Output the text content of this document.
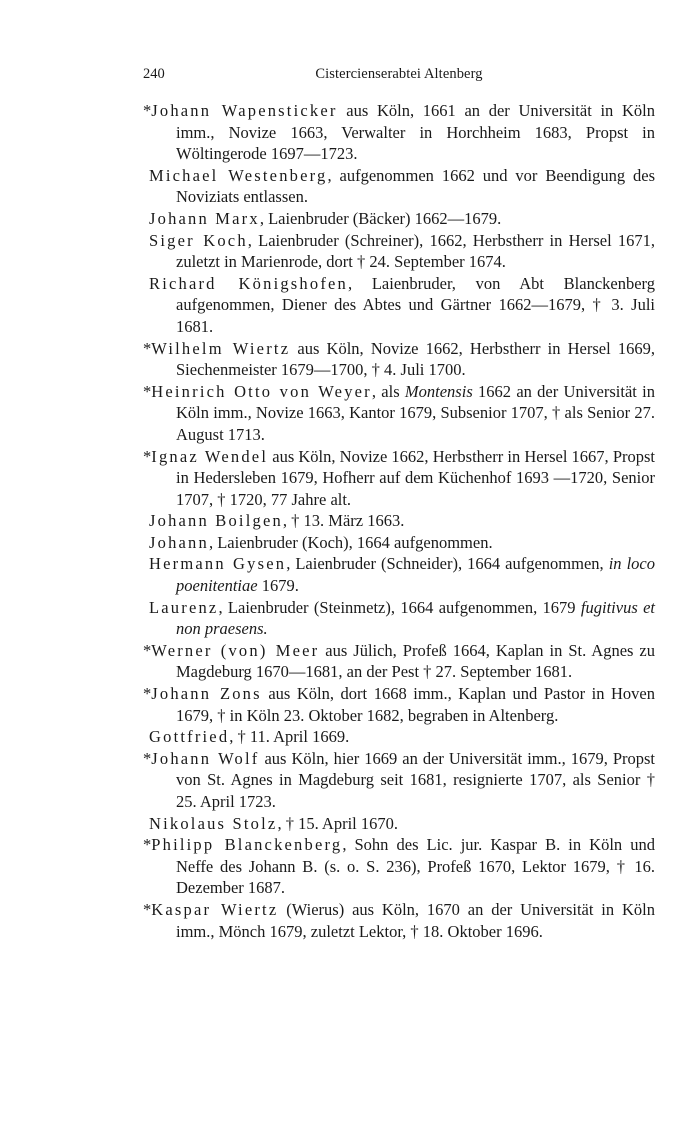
240	Cistercienserabtei Altenberg

*Johann Wapensticker aus Köln, 1661 an der Universität in Köln imm., Novize 1663, Verwalter in Horchheim 1683, Propst in Wöltingerode 1697—1723.

Michael Westenberg, aufgenommen 1662 und vor Beendigung des Noviziats entlassen.

Johann Marx, Laienbruder (Bäcker) 1662—1679.

Siger Koch, Laienbruder (Schreiner), 1662, Herbstherr in Hersel 1671, zuletzt in Marienrode, dort † 24. September 1674.

Richard Königshofen, Laienbruder, von Abt Blanckenberg aufgenommen, Diener des Abtes und Gärtner 1662—1679, † 3. Juli 1681.

*Wilhelm Wiertz aus Köln, Novize 1662, Herbstherr in Hersel 1669, Siechenmeister 1679—1700, † 4. Juli 1700.

*Heinrich Otto von Weyer, als Montensis 1662 an der Universität in Köln imm., Novize 1663, Kantor 1679, Subsenior 1707, † als Senior 27. August 1713.

*Ignaz Wendel aus Köln, Novize 1662, Herbstherr in Hersel 1667, Propst in Hedersleben 1679, Hofherr auf dem Küchenhof 1693 —1720, Senior 1707, † 1720, 77 Jahre alt.

Johann Boilgen, † 13. März 1663.

Johann, Laienbruder (Koch), 1664 aufgenommen.

Hermann Gysen, Laienbruder (Schneider), 1664 aufgenommen, in loco poenitentiae 1679.

Laurenz, Laienbruder (Steinmetz), 1664 aufgenommen, 1679 fugitivus et non praesens.

*Werner (von) Meer aus Jülich, Profeß 1664, Kaplan in St. Agnes zu Magdeburg 1670—1681, an der Pest † 27. September 1681.

*Johann Zons aus Köln, dort 1668 imm., Kaplan und Pastor in Hoven 1679, † in Köln 23. Oktober 1682, begraben in Altenberg.

Gottfried, † 11. April 1669.

*Johann Wolf aus Köln, hier 1669 an der Universität imm., 1679, Propst von St. Agnes in Magdeburg seit 1681, resignierte 1707, als Senior † 25. April 1723.

Nikolaus Stolz, † 15. April 1670.

*Philipp Blanckenberg, Sohn des Lic. jur. Kaspar B. in Köln und Neffe des Johann B. (s. o. S. 236), Profeß 1670, Lektor 1679, † 16. Dezember 1687.

*Kaspar Wiertz (Wierus) aus Köln, 1670 an der Universität in Köln imm., Mönch 1679, zuletzt Lektor, † 18. Oktober 1696.
